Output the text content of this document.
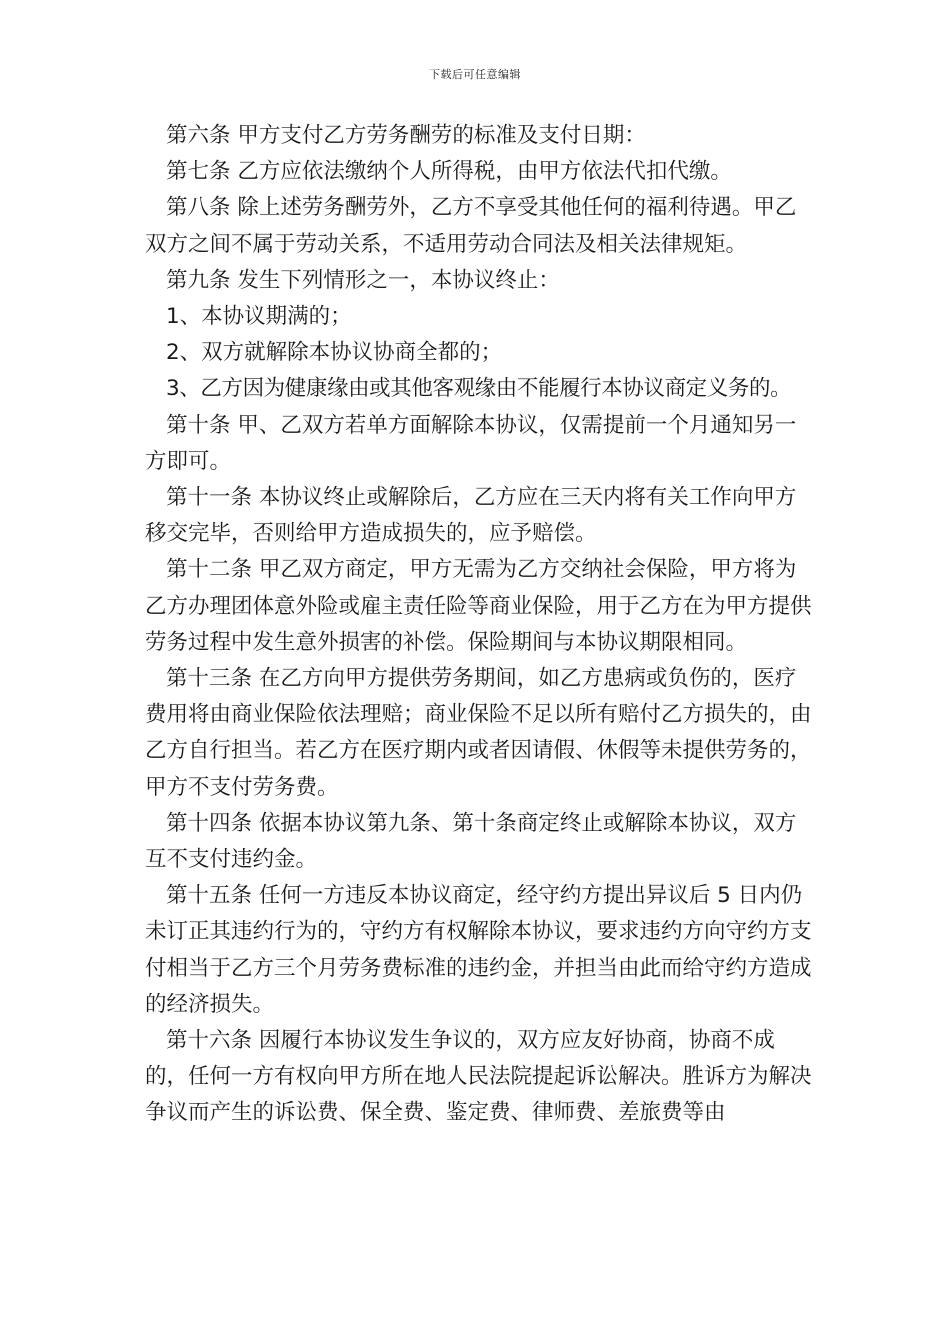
下载后可任意编辑

第六条 甲方支付乙方劳务酬劳的标准及支付日期：

第七条 乙方应依法缴纳个人所得税，由甲方依法代扣代缴。

第八条 除上述劳务酬劳外，乙方不享受其他任何的福利待遇。甲乙双方之间不属于劳动关系，不适用劳动合同法及相关法律规矩。

第九条 发生下列情形之一，本协议终止：

1、本协议期满的；

2、双方就解除本协议协商全都的；

3、乙方因为健康缘由或其他客观缘由不能履行本协议商定义务的。

第十条 甲、乙双方若单方面解除本协议，仅需提前一个月通知另一方即可。

第十一条 本协议终止或解除后，乙方应在三天内将有关工作向甲方移交完毕，否则给甲方造成损失的，应予赔偿。

第十二条 甲乙双方商定，甲方无需为乙方交纳社会保险，甲方将为乙方办理团体意外险或雇主责任险等商业保险，用于乙方在为甲方提供劳务过程中发生意外损害的补偿。保险期间与本协议期限相同。

第十三条 在乙方向甲方提供劳务期间，如乙方患病或负伤的，医疗费用将由商业保险依法理赔；商业保险不足以所有赔付乙方损失的，由乙方自行担当。若乙方在医疗期内或者因请假、休假等未提供劳务的，甲方不支付劳务费。

第十四条 依据本协议第九条、第十条商定终止或解除本协议，双方互不支付违约金。

第十五条 任何一方违反本协议商定，经守约方提出异议后 5 日内仍未订正其违约行为的，守约方有权解除本协议，要求违约方向守约方支付相当于乙方三个月劳务费标准的违约金，并担当由此而给守约方造成的经济损失。

第十六条 因履行本协议发生争议的，双方应友好协商，协商不成的，任何一方有权向甲方所在地人民法院提起诉讼解决。胜诉方为解决争议而产生的诉讼费、保全费、鉴定费、律师费、差旅费等由
